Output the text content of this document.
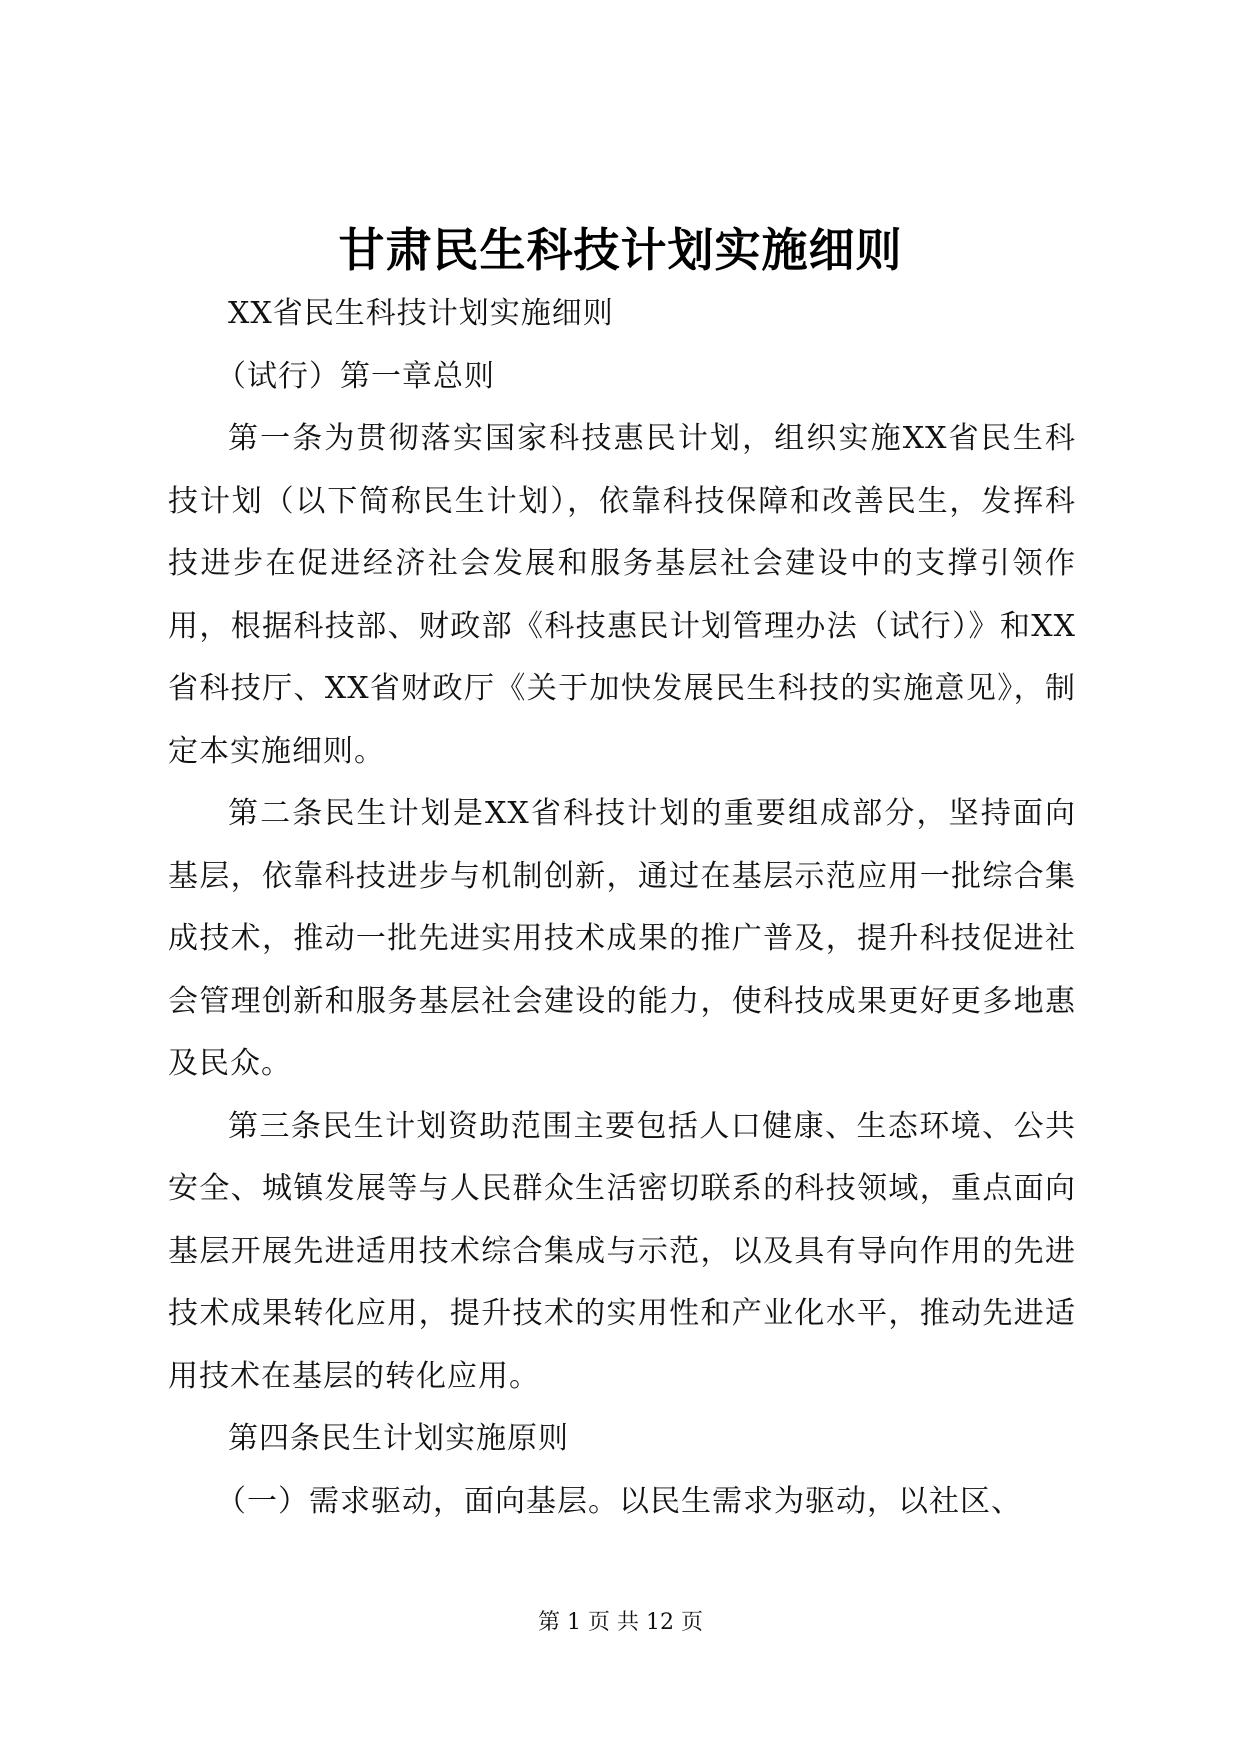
甘肃民生科技计划实施细则

XX省民生科技计划实施细则

（试行）第一章总则

第一条为贯彻落实国家科技惠民计划，组织实施XX省民生科技计划（以下简称民生计划），依靠科技保障和改善民生，发挥科技进步在促进经济社会发展和服务基层社会建设中的支撑引领作用，根据科技部、财政部《科技惠民计划管理办法（试行）》和XX省科技厅、XX省财政厅《关于加快发展民生科技的实施意见》，制定本实施细则。

第二条民生计划是XX省科技计划的重要组成部分，坚持面向基层，依靠科技进步与机制创新，通过在基层示范应用一批综合集成技术，推动一批先进实用技术成果的推广普及，提升科技促进社会管理创新和服务基层社会建设的能力，使科技成果更好更多地惠及民众。

第三条民生计划资助范围主要包括人口健康、生态环境、公共安全、城镇发展等与人民群众生活密切联系的科技领域，重点面向基层开展先进适用技术综合集成与示范，以及具有导向作用的先进技术成果转化应用，提升技术的实用性和产业化水平，推动先进适用技术在基层的转化应用。

第四条民生计划实施原则

（一）需求驱动，面向基层。以民生需求为驱动，以社区、

第 1 页 共 12 页
